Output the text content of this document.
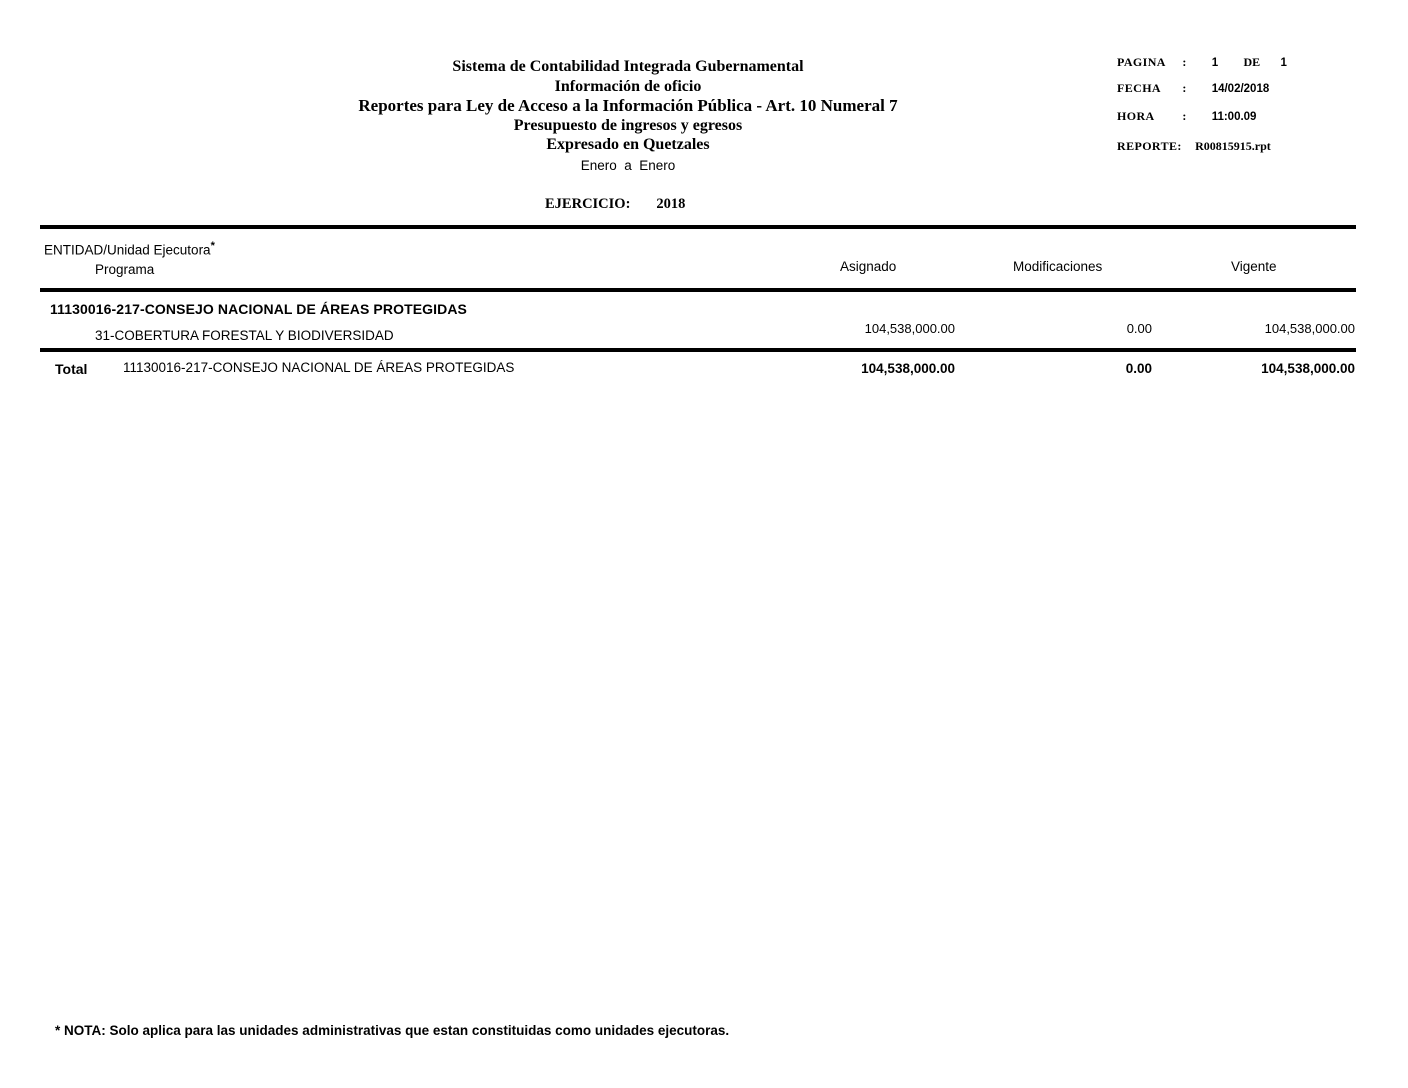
Sistema de Contabilidad Integrada Gubernamental
Información de oficio
Reportes para Ley de Acceso a la Información Pública - Art. 10 Numeral 7
Presupuesto de ingresos y egresos
Expresado en Quetzales
Enero  a  Enero
EJERCICIO: 2018
PAGINA : 1 DE 1
FECHA : 14/02/2018
HORA : 11:00.09
REPORTE: R00815915.rpt
ENTIDAD/Unidad Ejecutora*
Programa	Asignado	Modificaciones	Vigente
11130016-217-CONSEJO NACIONAL DE ÁREAS PROTEGIDAS
31-COBERTURA FORESTAL Y BIODIVERSIDAD	104,538,000.00	0.00	104,538,000.00
Total	11130016-217-CONSEJO NACIONAL DE ÁREAS PROTEGIDAS	104,538,000.00	0.00	104,538,000.00
* NOTA: Solo aplica para las unidades administrativas que estan constituidas como unidades ejecutoras.
